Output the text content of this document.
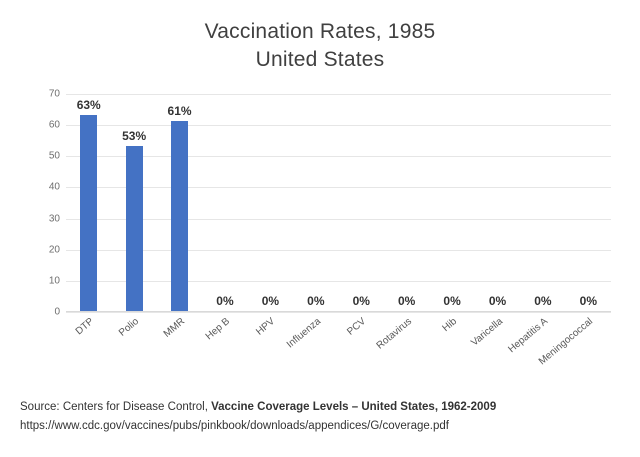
Vaccination Rates, 1985
United States
0
10
20
30
40
50
60
70
63%
53%
61%
0% 0% 0% 0% 0% 0% 0% 0% 0%
DTP Polio MMR Hep B HPV Influenza PCV Rotavirus	Hib Varicella Hepatitis A
Meningococcal
Source: Centers for Disease Control, Vaccine Coverage Levels – United States, 1962-2009
https://www.cdc.gov/vaccines/pubs/pinkbook/downloads/appendices/G/coverage.pdf
